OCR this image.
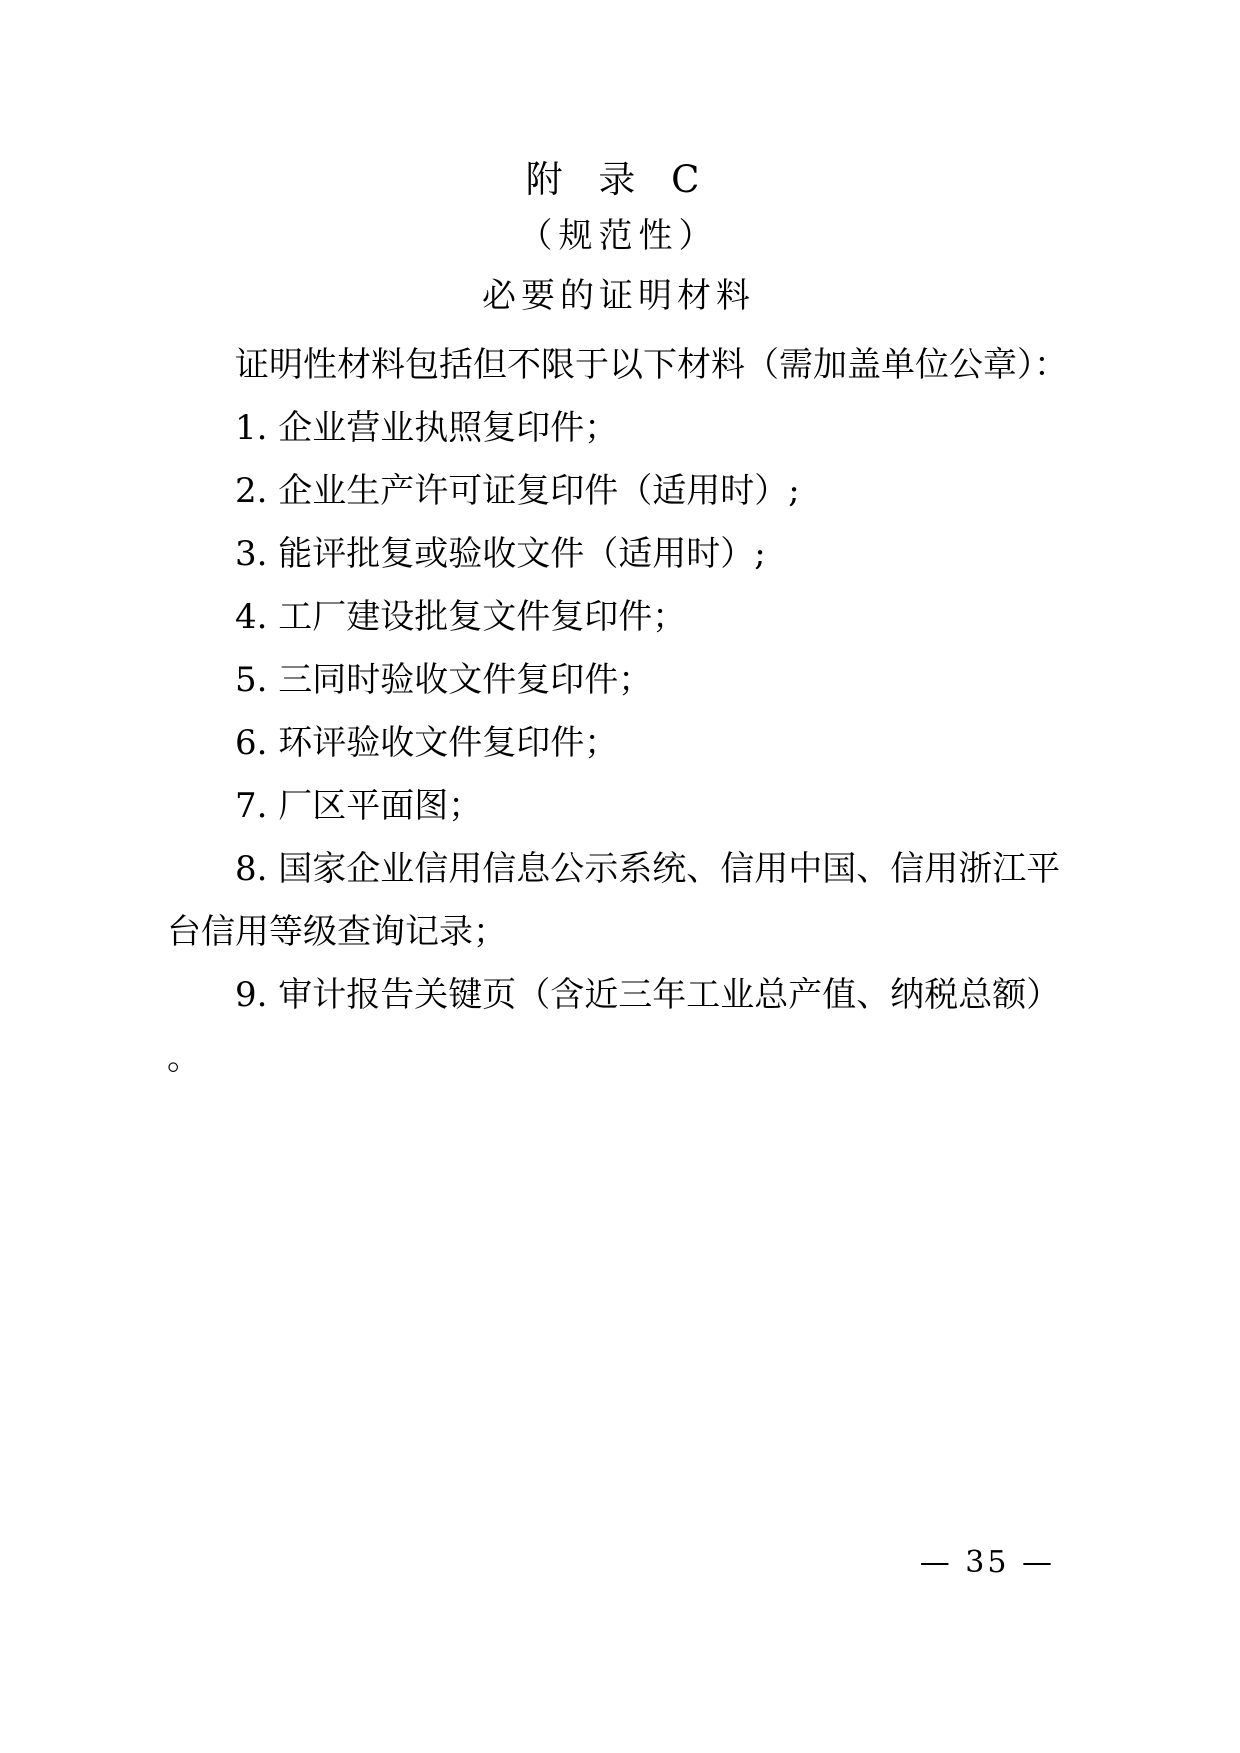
附 录 C
（规范性）
必要的证明材料

证明性材料包括但不限于以下材料（需加盖单位公章）：

1. 企业营业执照复印件；

2. 企业生产许可证复印件（适用时）;

3. 能评批复或验收文件（适用时）;

4. 工厂建设批复文件复印件；

5. 三同时验收文件复印件；

6. 环评验收文件复印件；

7. 厂区平面图；

8. 国家企业信用信息公示系统、信用中国、信用浙江平台信用等级查询记录；

9. 审计报告关键页（含近三年工业总产值、纳税总额）。

— 35 —
